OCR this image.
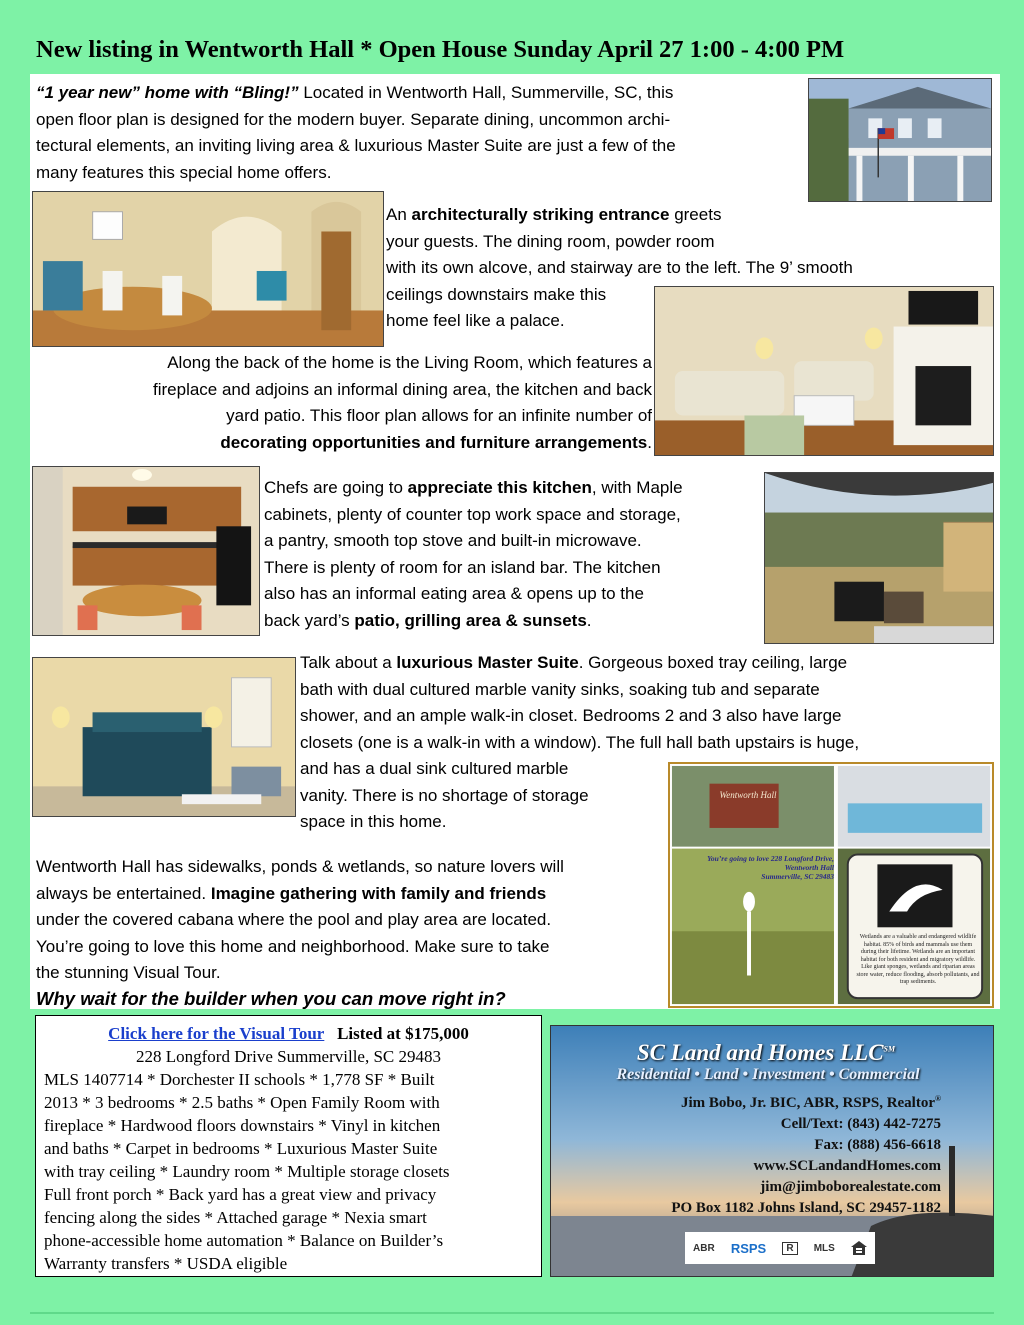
New listing in Wentworth Hall * Open House Sunday April 27 1:00 - 4:00 PM
“1 year new” home with “Bling!” Located in Wentworth Hall, Summerville, SC, this
open floor plan is designed for the modern buyer. Separate dining, uncommon archi-
tectural elements, an inviting living area & luxurious Master Suite are just a few of the
many features this special home offers.
An architecturally striking entrance greets
your guests. The dining room, powder room
with its own alcove, and stairway are to the left. The 9’ smooth
ceilings downstairs make this
home feel like a palace.
Along the back of the home is the Living Room, which features a
fireplace and adjoins an informal dining area, the kitchen and back
yard patio. This floor plan allows for an infinite number of
decorating opportunities and furniture arrangements.
Chefs are going to appreciate this kitchen, with Maple
cabinets, plenty of counter top work space and storage,
a pantry, smooth top stove and built-in microwave.
There is plenty of room for an island bar. The kitchen
also has an informal eating area & opens up to the
back yard’s patio, grilling area & sunsets.
Talk about a luxurious Master Suite. Gorgeous boxed tray ceiling, large
bath with dual cultured marble vanity sinks, soaking tub and separate
shower, and an ample walk-in closet. Bedrooms 2 and 3 also have large
closets (one is a walk-in with a window). The full hall bath upstairs is huge,
and has a dual sink cultured marble
vanity. There is no shortage of storage
space in this home.
Wentworth Hall
You’re going to love 228 Longford Drive,
Wentworth Hall
Summerville, SC 29483
Wetlands are a valuable and endangered wildlife habitat. 85% of birds and mammals use them during their lifetime. Wetlands are an important habitat for both resident and migratory wildlife. Like giant sponges, wetlands and riparian areas store water, reduce flooding, absorb pollutants, and trap sediments.
Wentworth Hall has sidewalks, ponds & wetlands, so nature lovers will
always be entertained. Imagine gathering with family and friends
under the covered cabana where the pool and play area are located.
You’re going to love this home and neighborhood. Make sure to take
the stunning Visual Tour.
Why wait for the builder when you can move right in?
Click here for the Visual Tour Listed at $175,000
228 Longford Drive Summerville, SC 29483
MLS 1407714 * Dorchester II schools * 1,778 SF * Built
2013 * 3 bedrooms * 2.5 baths * Open Family Room with
fireplace * Hardwood floors downstairs * Vinyl in kitchen
and baths * Carpet in bedrooms * Luxurious Master Suite
with tray ceiling * Laundry room * Multiple storage closets
Full front porch * Back yard has a great view and privacy
fencing along the sides * Attached garage * Nexia smart
phone-accessible home automation * Balance on Builder’s
Warranty transfers * USDA eligible
SC Land and Homes LLC℠
Residential • Land • Investment • Commercial
Jim Bobo, Jr. BIC, ABR, RSPS, Realtor®
Cell/Text: (843) 442-7275
Fax: (888) 456-6618
www.SCLandandHomes.com
jim@jimboborealestate.com
PO Box 1182 Johns Island, SC 29457-1182
ABR RSPS	R	MLS
